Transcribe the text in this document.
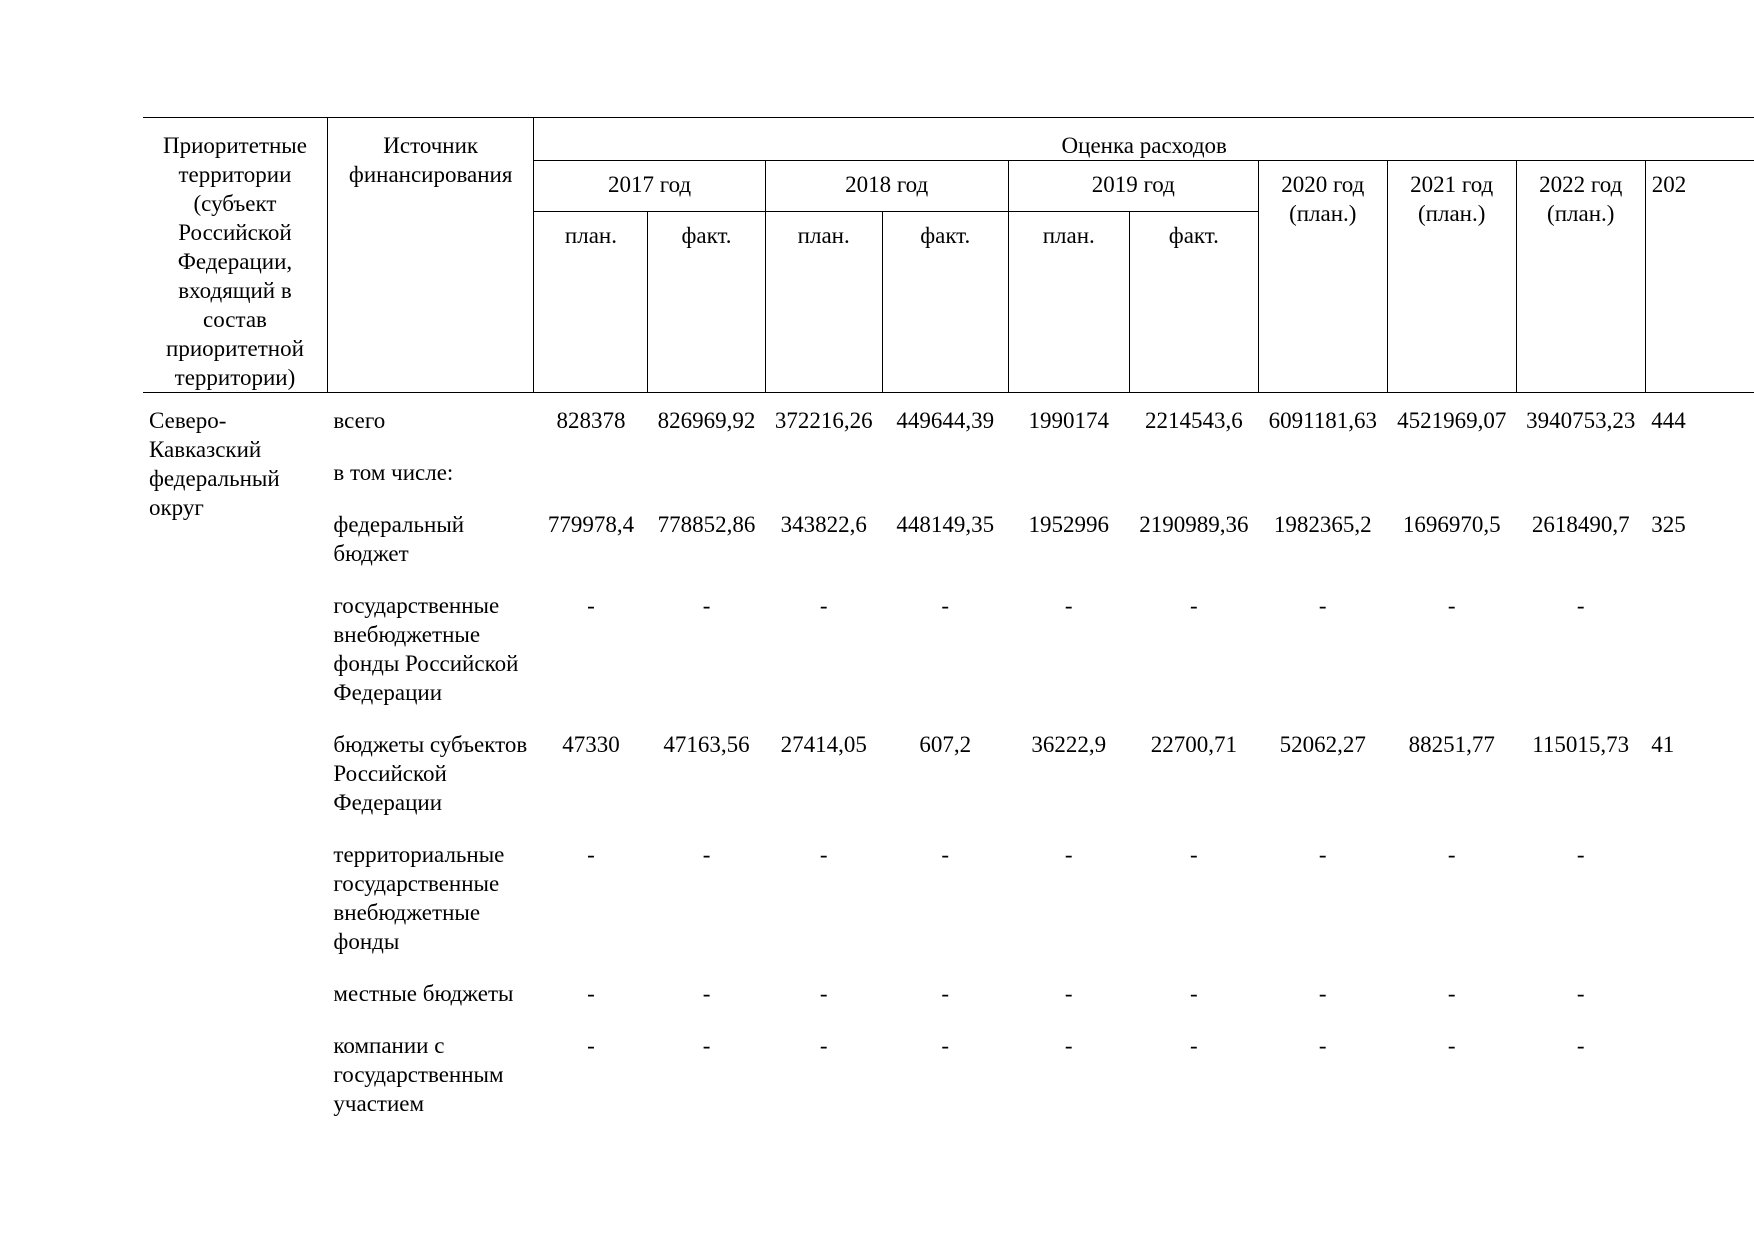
Приоритетные территории (субъект Российской Федерации, входящий в состав приоритетной территории)	Источник финансирования	Оценка расходов									
		2017 год		2018 год		2019 год		2020 год (план.)	2021 год (план.)	2022 год (план.)	202
		план.	факт.	план.	факт.	план.	факт.				
Северо-Кавказский федеральный округ	всего	828378	826969,92	372216,26	449644,39	1990174	2214543,6	6091181,63	4521969,07	3940753,23	444
	в том числе:										
	федеральный бюджет	779978,4	778852,86	343822,6	448149,35	1952996	2190989,36	1982365,2	1696970,5	2618490,7	325
	государственные внебюджетные фонды Российской Федерации	-	-	-	-	-	-	-	-	-	
	бюджеты субъектов Российской Федерации	47330	47163,56	27414,05	607,2	36222,9	22700,71	52062,27	88251,77	115015,73	41
	территориальные государственные внебюджетные фонды	-	-	-	-	-	-	-	-	-	
	местные бюджеты	-	-	-	-	-	-	-	-	-	
	компании с государственным участием	-	-	-	-	-	-	-	-	-	
